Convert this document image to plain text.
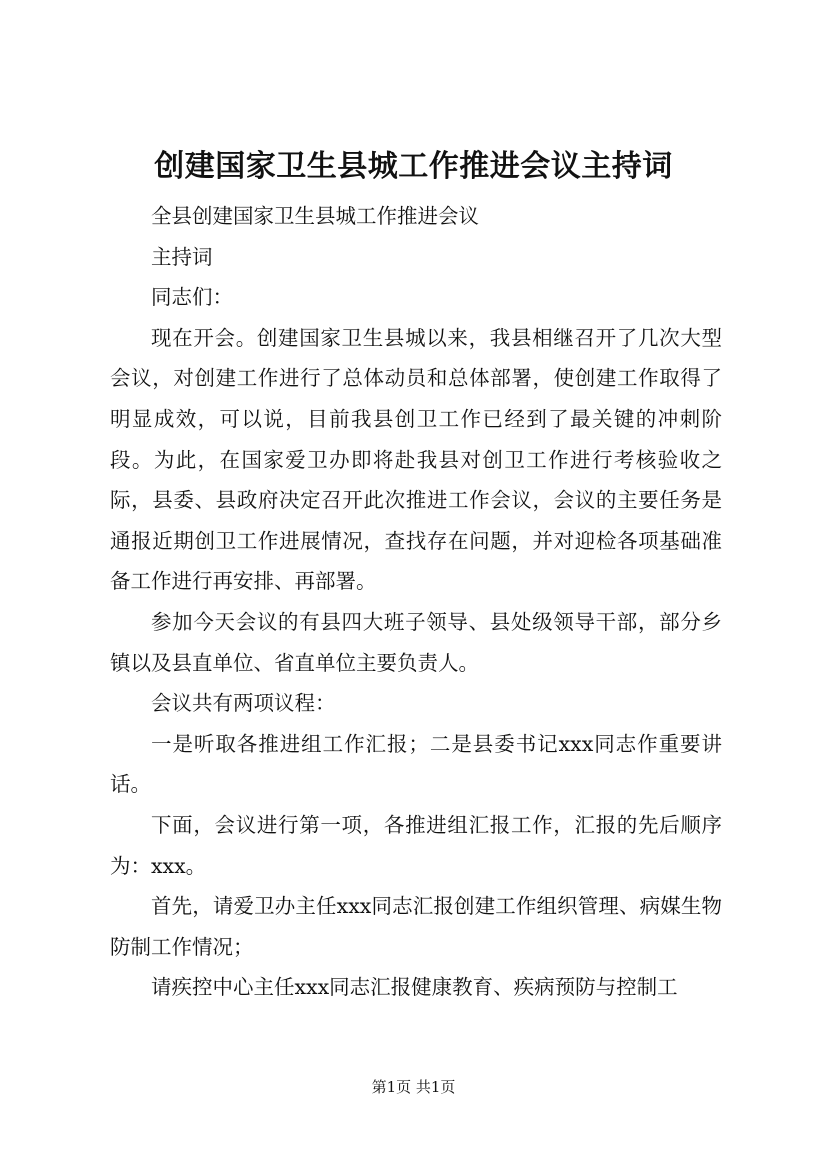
创建国家卫生县城工作推进会议主持词

全县创建国家卫生县城工作推进会议

主持词

同志们：

现在开会。创建国家卫生县城以来，我县相继召开了几次大型会议，对创建工作进行了总体动员和总体部署，使创建工作取得了明显成效，可以说，目前我县创卫工作已经到了最关键的冲刺阶段。为此，在国家爱卫办即将赴我县对创卫工作进行考核验收之际，县委、县政府决定召开此次推进工作会议，会议的主要任务是通报近期创卫工作进展情况，查找存在问题，并对迎检各项基础准备工作进行再安排、再部署。

参加今天会议的有县四大班子领导、县处级领导干部，部分乡镇以及县直单位、省直单位主要负责人。

会议共有两项议程：

一是听取各推进组工作汇报；二是县委书记xxx同志作重要讲话。

下面，会议进行第一项，各推进组汇报工作，汇报的先后顺序为：xxx。

首先，请爱卫办主任xxx同志汇报创建工作组织管理、病媒生物防制工作情况；

请疾控中心主任xxx同志汇报健康教育、疾病预防与控制工

第1页 共1页
